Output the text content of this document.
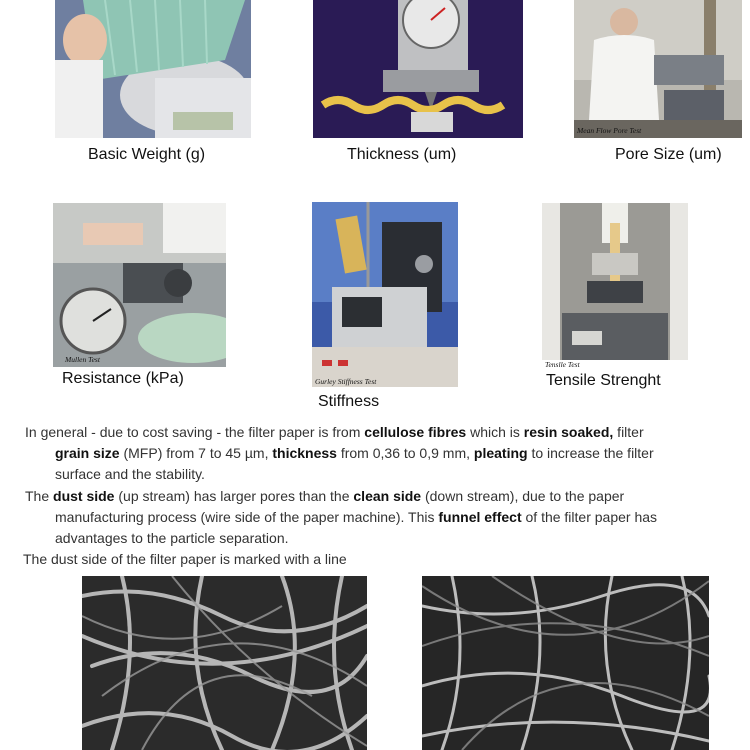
Mean Flow Pore Test
Basic Weight (g)	Thickness (um)	Pore Size (um)
Mullen Test
Gurley Stiffness Test
Tenslle Test
Resistance (kPa)
Stiffness
Tensile Strenght
In general - due to cost saving - the filter paper is from cellulose fibres which is resin soaked, filter
grain size (MFP) from 7 to 45 µm, thickness from 0,36 to 0,9 mm, pleating to increase the filter
surface and the stability.
The dust side (up stream) has larger pores than the clean side (down stream), due to the paper
manufacturing process (wire side of the paper machine). This funnel effect of the filter paper has
advantages to the particle separation.
The dust side of the filter paper is marked with a line
